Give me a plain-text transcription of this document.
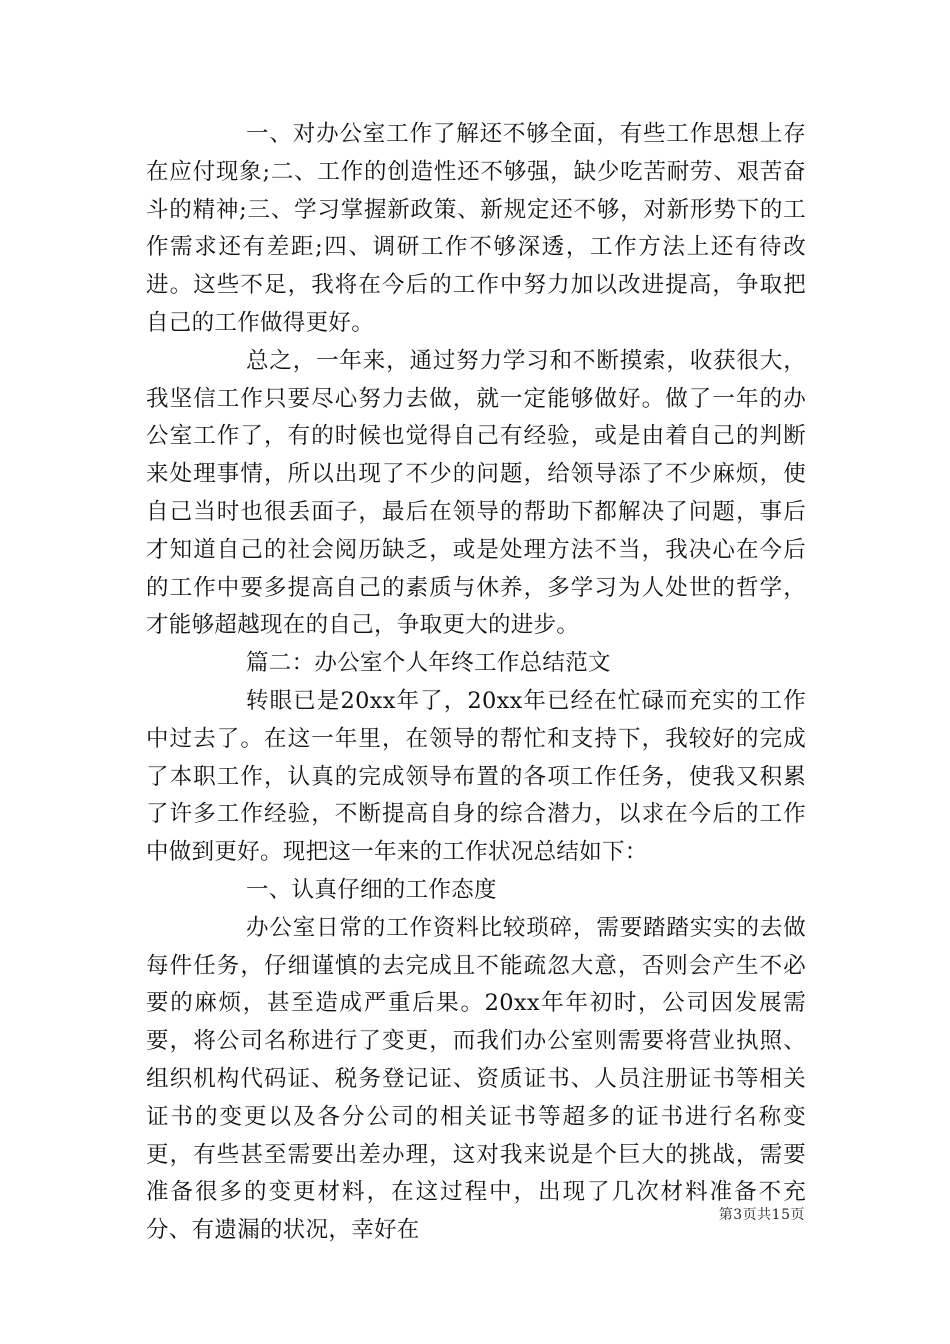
一、对办公室工作了解还不够全面，有些工作思想上存在应付现象;二、工作的创造性还不够强，缺少吃苦耐劳、艰苦奋斗的精神;三、学习掌握新政策、新规定还不够，对新形势下的工作需求还有差距;四、调研工作不够深透，工作方法上还有待改进。这些不足，我将在今后的工作中努力加以改进提高，争取把自己的工作做得更好。

总之，一年来，通过努力学习和不断摸索，收获很大，我坚信工作只要尽心努力去做，就一定能够做好。做了一年的办公室工作了，有的时候也觉得自己有经验，或是由着自己的判断来处理事情，所以出现了不少的问题，给领导添了不少麻烦，使自己当时也很丢面子，最后在领导的帮助下都解决了问题，事后才知道自己的社会阅历缺乏，或是处理方法不当，我决心在今后的工作中要多提高自己的素质与休养，多学习为人处世的哲学，才能够超越现在的自己，争取更大的进步。

篇二：办公室个人年终工作总结范文

转眼已是20xx年了，20xx年已经在忙碌而充实的工作中过去了。在这一年里，在领导的帮忙和支持下，我较好的完成了本职工作，认真的完成领导布置的各项工作任务，使我又积累了许多工作经验，不断提高自身的综合潜力，以求在今后的工作中做到更好。现把这一年来的工作状况总结如下：

一、认真仔细的工作态度

办公室日常的工作资料比较琐碎，需要踏踏实实的去做每件任务，仔细谨慎的去完成且不能疏忽大意，否则会产生不必要的麻烦，甚至造成严重后果。20xx年年初时，公司因发展需要，将公司名称进行了变更，而我们办公室则需要将营业执照、组织机构代码证、税务登记证、资质证书、人员注册证书等相关证书的变更以及各分公司的相关证书等超多的证书进行名称变更，有些甚至需要出差办理，这对我来说是个巨大的挑战，需要准备很多的变更材料，在这过程中，出现了几次材料准备不充分、有遗漏的状况，幸好在

第3页共15页
